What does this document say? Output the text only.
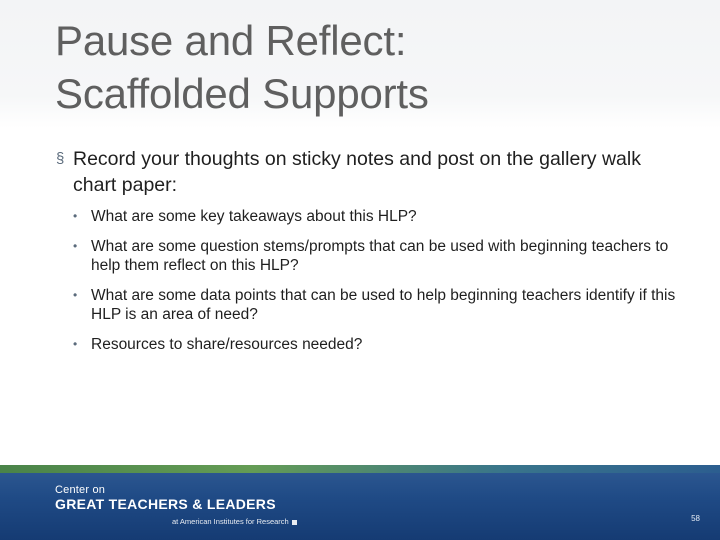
Pause and Reflect:
Scaffolded Supports
§ Record your thoughts on sticky notes and post on the gallery walk chart paper:
• What are some key takeaways about this HLP?
• What are some question stems/prompts that can be used with beginning teachers to help them reflect on this HLP?
• What are some data points that can be used to help beginning teachers identify if this HLP is an area of need?
• Resources to share/resources needed?
Center on
GREAT TEACHERS & LEADERS
at American Institutes for Research	58
